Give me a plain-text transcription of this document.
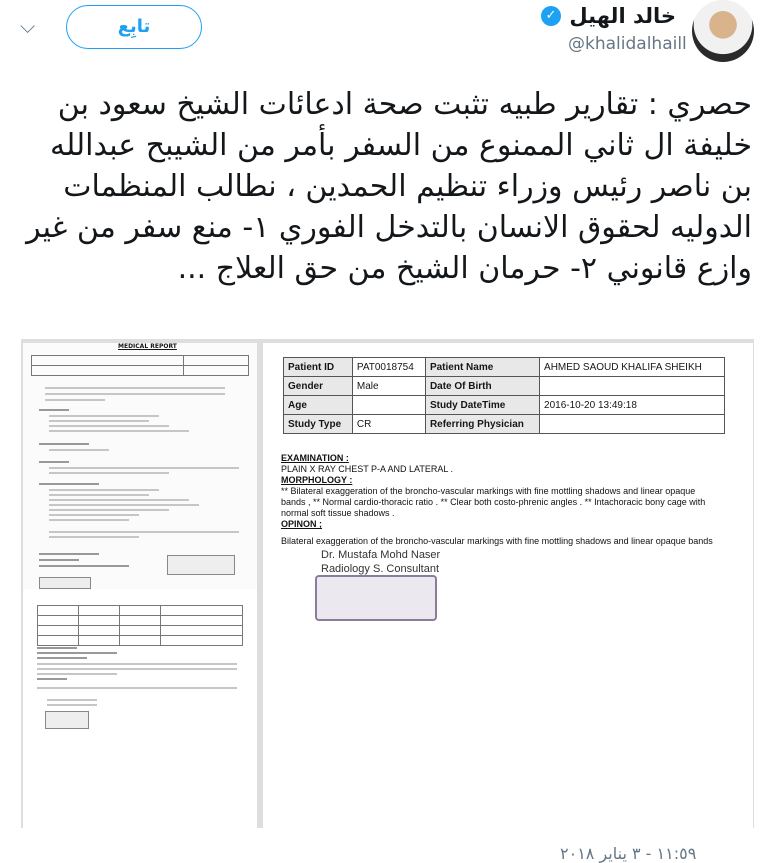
خالد الهيل
✓
@khalidalhaill
تابِع
⌵

حصري : تقارير طبيه تثبت صحة ادعائات الشيخ سعود بن خليفة ال ثاني الممنوع من السفر بأمر من الشيبح عبدالله بن ناصر رئيس وزراء تنظيم الحمدين ، نطالب المنظمات الدوليه لحقوق الانسان بالتدخل الفوري ١- منع سفر من غير وازع قانوني ٢- حرمان الشيخ من حق العلاج ...

MEDICAL REPORT

Patient ID	PAT0018754	Patient Name	AHMED SAOUD KHALIFA SHEIKH
Gender	Male	Date Of Birth	
Age		Study DateTime	2016-10-20 13:49:18
Study Type	CR	Referring Physician	
EXAMINATION :
PLAIN X RAY CHEST P-A AND LATERAL .
MORPHOLOGY :
** Bilateral exaggeration of the broncho-vascular markings with fine mottling shadows and linear opaque bands , ** Normal cardio-thoracic ratio . ** Clear both costo-phrenic angles . ** Intachoracic bony cage with normal soft tissue shadows .
OPINON ;
Bilateral exaggeration of the broncho-vascular markings with fine mottling shadows and linear opaque bands
Dr. Mustafa Mohd Naser
Radiology S. Consultant
١١:٥٩ - ٣ يناير ٢٠١٨
